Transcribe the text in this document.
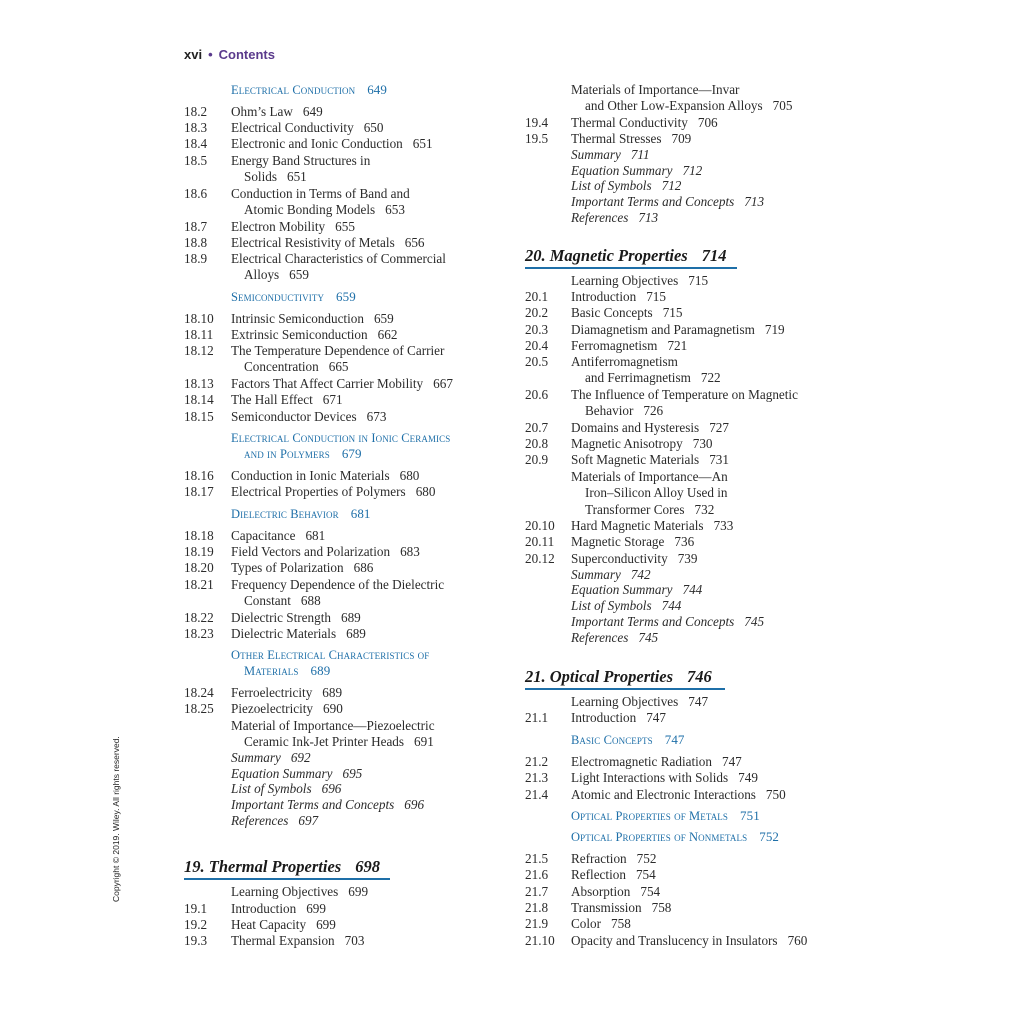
xvi • Contents
Copyright © 2019. Wiley. All rights reserved.
Electrical Conduction 649
18.2 Ohm’s Law 649
18.3 Electrical Conductivity 650
18.4 Electronic and Ionic Conduction 651
18.5 Energy Band Structures in
Solids 651
18.6 Conduction in Terms of Band and
Atomic Bonding Models 653
18.7 Electron Mobility 655
18.8 Electrical Resistivity of Metals 656
18.9 Electrical Characteristics of Commercial
Alloys 659
Semiconductivity 659
18.10 Intrinsic Semiconduction 659
18.11 Extrinsic Semiconduction 662
18.12 The Temperature Dependence of Carrier
Concentration 665
18.13 Factors That Affect Carrier Mobility 667
18.14 The Hall Effect 671
18.15 Semiconductor Devices 673
Electrical Conduction in Ionic Ceramics
and in Polymers 679
18.16 Conduction in Ionic Materials 680
18.17 Electrical Properties of Polymers 680
Dielectric Behavior 681
18.18 Capacitance 681
18.19 Field Vectors and Polarization 683
18.20 Types of Polarization 686
18.21 Frequency Dependence of the Dielectric
Constant 688
18.22 Dielectric Strength 689
18.23 Dielectric Materials 689
Other Electrical Characteristics of
Materials 689
18.24 Ferroelectricity 689
18.25 Piezoelectricity 690
Material of Importance—Piezoelectric
Ceramic Ink-Jet Printer Heads 691
Summary 692
Equation Summary 695
List of Symbols 696
Important Terms and Concepts 696
References 697
19. Thermal Properties 698
Learning Objectives 699
19.1 Introduction 699
19.2 Heat Capacity 699
19.3 Thermal Expansion 703
Materials of Importance—Invar
and Other Low-Expansion Alloys 705
19.4 Thermal Conductivity 706
19.5 Thermal Stresses 709
Summary 711
Equation Summary 712
List of Symbols 712
Important Terms and Concepts 713
References 713
20. Magnetic Properties 714
Learning Objectives 715
20.1 Introduction 715
20.2 Basic Concepts 715
20.3 Diamagnetism and Paramagnetism 719
20.4 Ferromagnetism 721
20.5 Antiferromagnetism
and Ferrimagnetism 722
20.6 The Influence of Temperature on Magnetic
Behavior 726
20.7 Domains and Hysteresis 727
20.8 Magnetic Anisotropy 730
20.9 Soft Magnetic Materials 731
Materials of Importance—An
Iron–Silicon Alloy Used in
Transformer Cores 732
20.10 Hard Magnetic Materials 733
20.11 Magnetic Storage 736
20.12 Superconductivity 739
Summary 742
Equation Summary 744
List of Symbols 744
Important Terms and Concepts 745
References 745
21. Optical Properties 746
Learning Objectives 747
21.1 Introduction 747
Basic Concepts 747
21.2 Electromagnetic Radiation 747
21.3 Light Interactions with Solids 749
21.4 Atomic and Electronic Interactions 750
Optical Properties of Metals 751
Optical Properties of Nonmetals 752
21.5 Refraction 752
21.6 Reflection 754
21.7 Absorption 754
21.8 Transmission 758
21.9 Color 758
21.10 Opacity and Translucency in Insulators 760
